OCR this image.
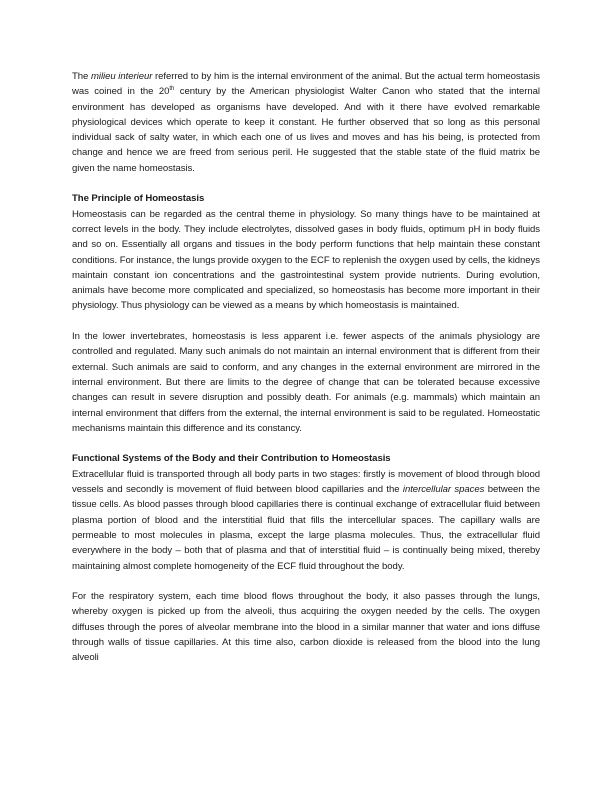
The milieu interieur referred to by him is the internal environment of the animal. But the actual term homeostasis was coined in the 20th century by the American physiologist Walter Canon who stated that the internal environment has developed as organisms have developed. And with it there have evolved remarkable physiological devices which operate to keep it constant. He further observed that so long as this personal individual sack of salty water, in which each one of us lives and moves and has his being, is protected from change and hence we are freed from serious peril. He suggested that the stable state of the fluid matrix be given the name homeostasis.

The Principle of Homeostasis

Homeostasis can be regarded as the central theme in physiology. So many things have to be maintained at correct levels in the body. They include electrolytes, dissolved gases in body fluids, optimum pH in body fluids and so on. Essentially all organs and tissues in the body perform functions that help maintain these constant conditions. For instance, the lungs provide oxygen to the ECF to replenish the oxygen used by cells, the kidneys maintain constant ion concentrations and the gastrointestinal system provide nutrients. During evolution, animals have become more complicated and specialized, so homeostasis has become more important in their physiology. Thus physiology can be viewed as a means by which homeostasis is maintained.

In the lower invertebrates, homeostasis is less apparent i.e. fewer aspects of the animals physiology are controlled and regulated. Many such animals do not maintain an internal environment that is different from their external. Such animals are said to conform, and any changes in the external environment are mirrored in the internal environment. But there are limits to the degree of change that can be tolerated because excessive changes can result in severe disruption and possibly death. For animals (e.g. mammals) which maintain an internal environment that differs from the external, the internal environment is said to be regulated. Homeostatic mechanisms maintain this difference and its constancy.

Functional Systems of the Body and their Contribution to Homeostasis

Extracellular fluid is transported through all body parts in two stages: firstly is movement of blood through blood vessels and secondly is movement of fluid between blood capillaries and the intercellular spaces between the tissue cells. As blood passes through blood capillaries there is continual exchange of extracellular fluid between plasma portion of blood and the interstitial fluid that fills the intercellular spaces. The capillary walls are permeable to most molecules in plasma, except the large plasma molecules. Thus, the extracellular fluid everywhere in the body – both that of plasma and that of interstitial fluid – is continually being mixed, thereby maintaining almost complete homogeneity of the ECF fluid throughout the body.

For the respiratory system, each time blood flows throughout the body, it also passes through the lungs, whereby oxygen is picked up from the alveoli, thus acquiring the oxygen needed by the cells. The oxygen diffuses through the pores of alveolar membrane into the blood in a similar manner that water and ions diffuse through walls of tissue capillaries. At this time also, carbon dioxide is released from the blood into the lung alveoli
